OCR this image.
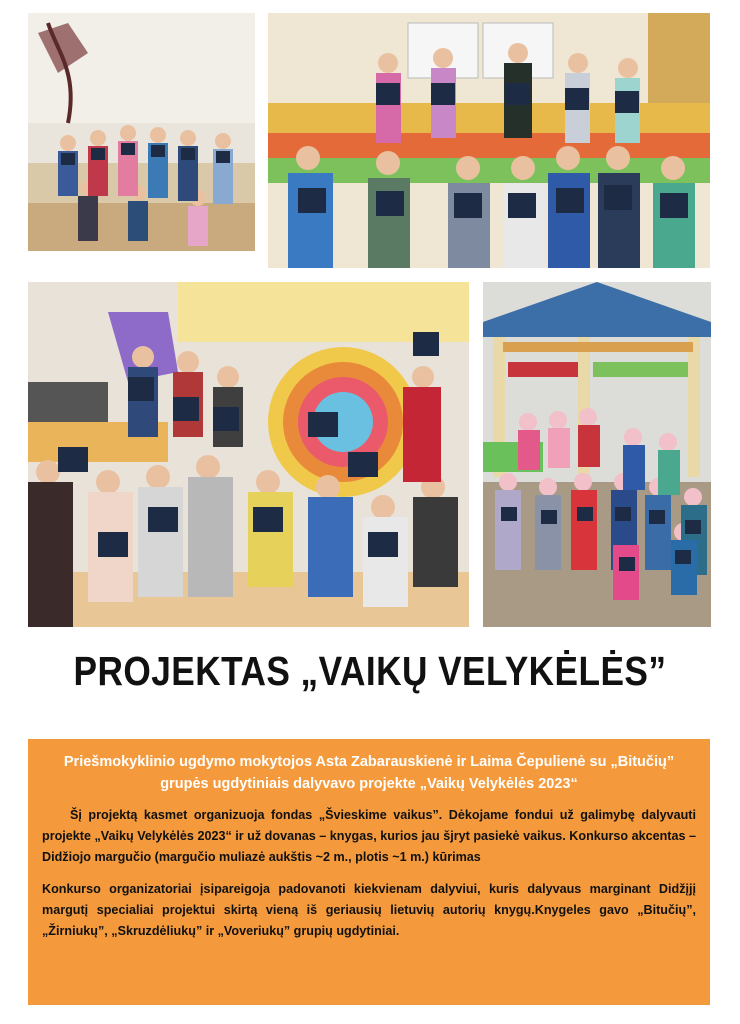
PROJEKTAS „VAIKŲ VELYKĖLĖS”

Priešmokyklinio ugdymo mokytojos Asta Zabarauskienė ir Laima Čepulienė su „Bitučių” grupės ugdytiniais dalyvavo projekte „Vaikų Velykėlės 2023“

Šį projektą kasmet organizuoja fondas „Švieskime vaikus”. Dėkojame fondui už galimybę dalyvauti projekte „Vaikų Velykėlės 2023“ ir už dovanas – knygas, kurios jau šjryt pasiekė vaikus. Konkurso akcentas – Didžiojo margučio (margučio muliazė aukštis ~2 m., plotis ~1 m.) kūrimas

Konkurso organizatoriai įsipareigoja padovanoti kiekvienam dalyviui, kuris dalyvaus marginant Didžįjį margutį specialiai projektui skirtą vieną iš geriausių lietuvių autorių knygų.Knygeles gavo „Bitučių”, „Žirniukų”, „Skruzdėliukų” ir „Voveriukų” grupių ugdytiniai.
